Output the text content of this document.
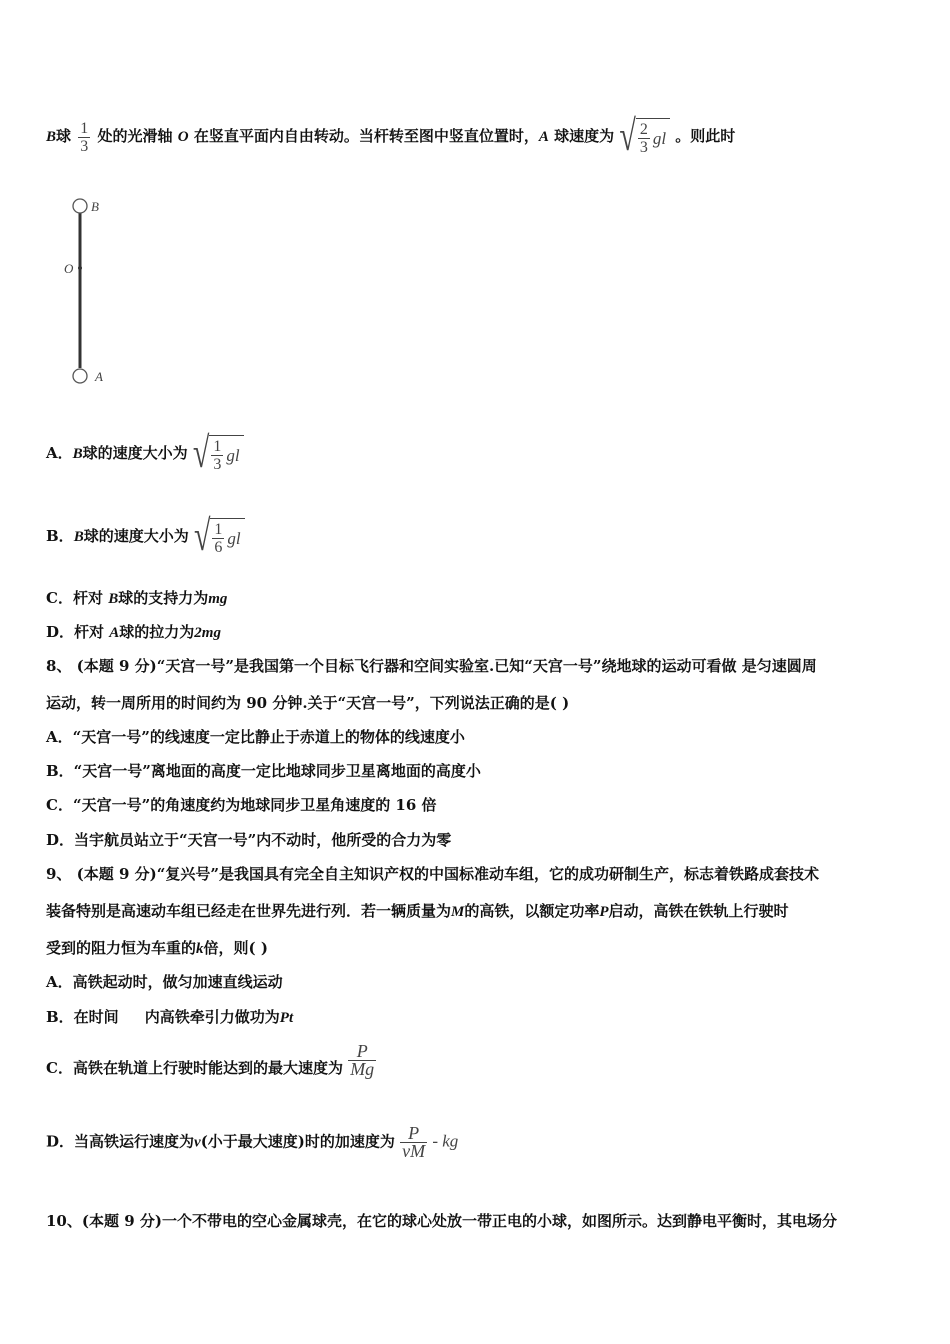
B球 $\frac{1}{3}$ 处的光滑轴 O 在竖直平面内自由转动。当杆转至图中竖直位置时，A 球速度为 √ $\frac{2}{3}$ gl 。则此时
B
O
A
A．B球的速度大小为 √ $\frac{1}{3}$ gl
B．B球的速度大小为 √ $\frac{1}{6}$ gl
C．杆对 B球的支持力为mg
D．杆对 A球的拉力为2mg
8、 (本题 9 分)“天宫一号”是我国第一个目标飞行器和空间实验室.已知“天宫一号”绕地球的运动可看做 是匀速圆周
运动，转一周所用的时间约为 90 分钟.关于“天宫一号”，下列说法正确的是( )
A．“天宫一号”的线速度一定比静止于赤道上的物体的线速度小
B．“天宫一号”离地面的高度一定比地球同步卫星离地面的高度小
C．“天宫一号”的角速度约为地球同步卫星角速度的 16 倍
D．当宇航员站立于“天宫一号”内不动时，他所受的合力为零
9、 (本题 9 分)“复兴号”是我国具有完全自主知识产权的中国标准动车组，它的成功研制生产，标志着铁路成套技术
装备特别是高速动车组已经走在世界先进行列．若一辆质量为M的高铁，以额定功率P启动，高铁在铁轨上行驶时
受到的阻力恒为车重的k倍，则( )
A．高铁起动时，做匀加速直线运动
B．在时间     内高铁牵引力做功为Pt
C．高铁在轨道上行驶时能达到的最大速度为 $\frac{P}{Mg}$
D．当高铁运行速度为v(小于最大速度)时的加速度为 $\frac{P}{vM}$ - kg
10、(本题 9 分)一个不带电的空心金属球壳，在它的球心处放一带正电的小球，如图所示。达到静电平衡时，其电场分
